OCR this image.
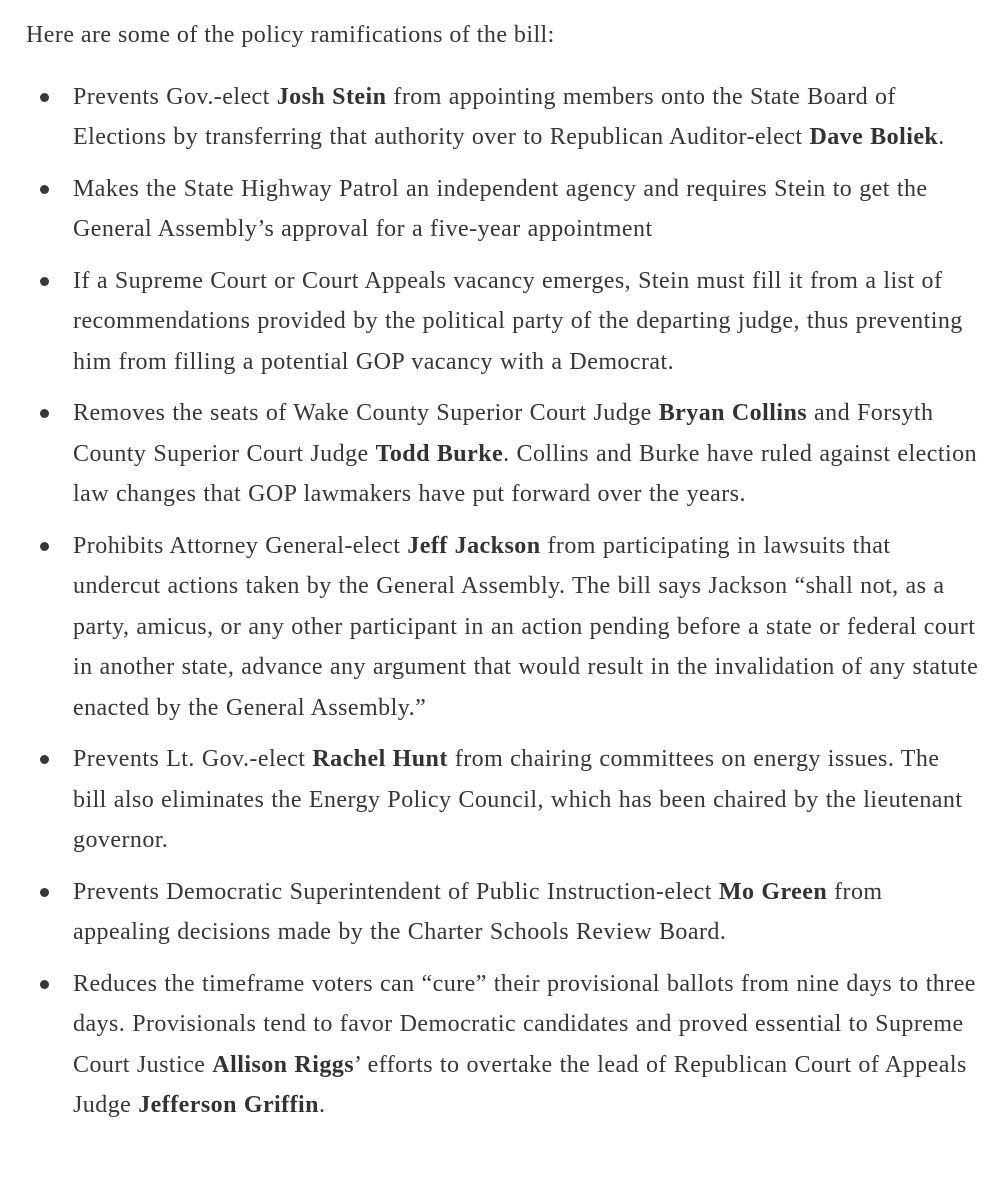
Here are some of the policy ramifications of the bill:

Prevents Gov.-elect Josh Stein from appointing members onto the State Board of Elections by transferring that authority over to Republican Auditor-elect Dave Boliek.
Makes the State Highway Patrol an independent agency and requires Stein to get the General Assembly’s approval for a five-year appointment
If a Supreme Court or Court Appeals vacancy emerges, Stein must fill it from a list of recommendations provided by the political party of the departing judge, thus preventing him from filling a potential GOP vacancy with a Democrat.
Removes the seats of Wake County Superior Court Judge Bryan Collins and Forsyth County Superior Court Judge Todd Burke. Collins and Burke have ruled against election law changes that GOP lawmakers have put forward over the years.
Prohibits Attorney General-elect Jeff Jackson from participating in lawsuits that undercut actions taken by the General Assembly. The bill says Jackson “shall not, as a party, amicus, or any other participant in an action pending before a state or federal court in another state, advance any argument that would result in the invalidation of any statute enacted by the General Assembly.”
Prevents Lt. Gov.-elect Rachel Hunt from chairing committees on energy issues. The bill also eliminates the Energy Policy Council, which has been chaired by the lieutenant governor.
Prevents Democratic Superintendent of Public Instruction-elect Mo Green from appealing decisions made by the Charter Schools Review Board.
Reduces the timeframe voters can “cure” their provisional ballots from nine days to three days. Provisionals tend to favor Democratic candidates and proved essential to Supreme Court Justice Allison Riggs’ efforts to overtake the lead of Republican Court of Appeals Judge Jefferson Griffin.
